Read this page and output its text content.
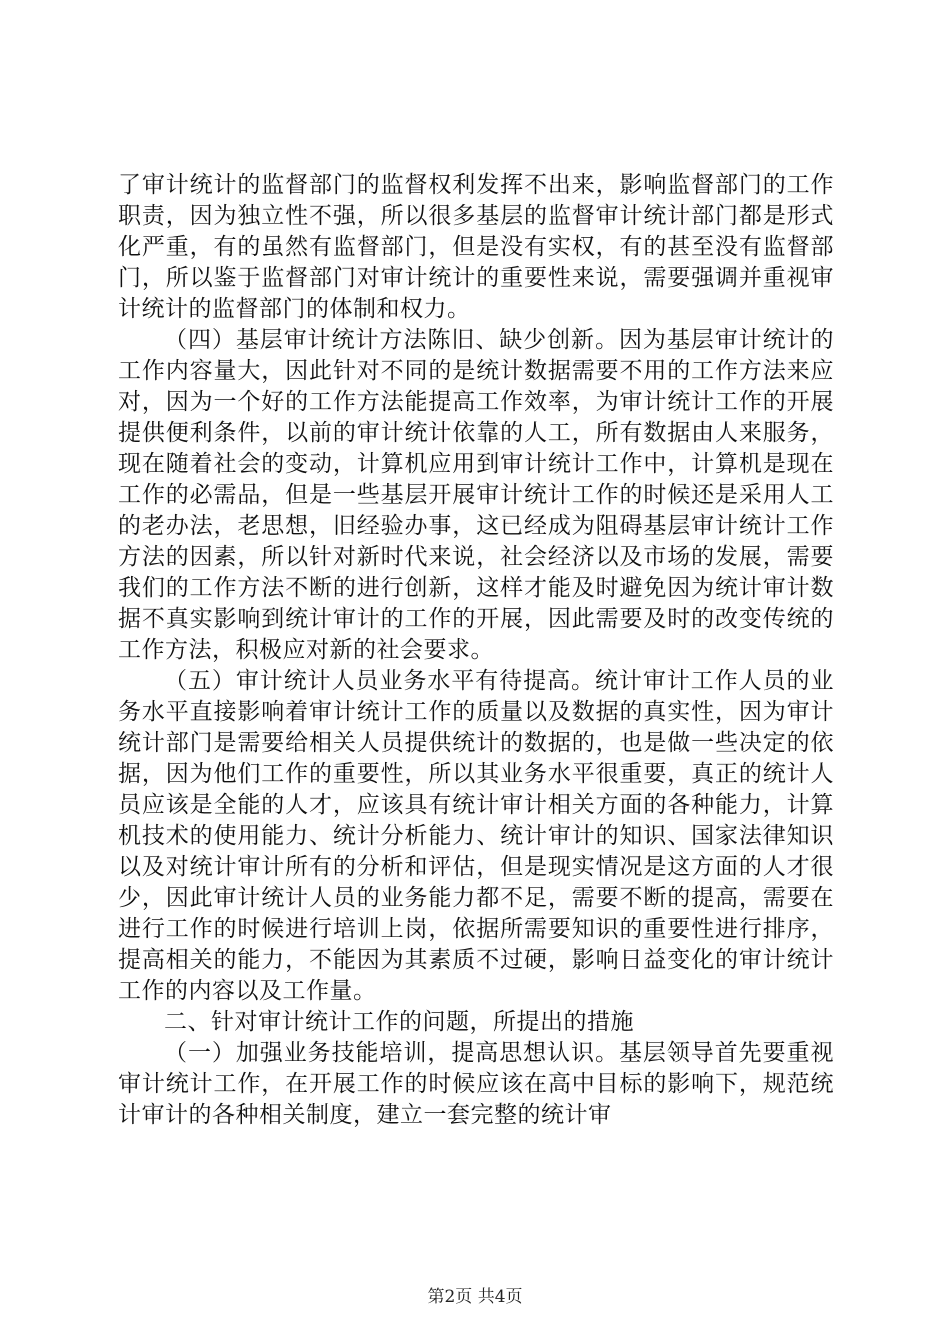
了审计统计的监督部门的监督权利发挥不出来，影响监督部门的工作职责，因为独立性不强，所以很多基层的监督审计统计部门都是形式化严重，有的虽然有监督部门，但是没有实权，有的甚至没有监督部门，所以鉴于监督部门对审计统计的重要性来说，需要强调并重视审计统计的监督部门的体制和权力。

（四）基层审计统计方法陈旧、缺少创新。因为基层审计统计的工作内容量大，因此针对不同的是统计数据需要不用的工作方法来应对，因为一个好的工作方法能提高工作效率，为审计统计工作的开展提供便利条件，以前的审计统计依靠的人工，所有数据由人来服务，现在随着社会的变动，计算机应用到审计统计工作中，计算机是现在工作的必需品，但是一些基层开展审计统计工作的时候还是采用人工的老办法，老思想，旧经验办事，这已经成为阻碍基层审计统计工作方法的因素，所以针对新时代来说，社会经济以及市场的发展，需要我们的工作方法不断的进行创新，这样才能及时避免因为统计审计数据不真实影响到统计审计的工作的开展，因此需要及时的改变传统的工作方法，积极应对新的社会要求。

（五）审计统计人员业务水平有待提高。统计审计工作人员的业务水平直接影响着审计统计工作的质量以及数据的真实性，因为审计统计部门是需要给相关人员提供统计的数据的，也是做一些决定的依据，因为他们工作的重要性，所以其业务水平很重要，真正的统计人员应该是全能的人才，应该具有统计审计相关方面的各种能力，计算机技术的使用能力、统计分析能力、统计审计的知识、国家法律知识以及对统计审计所有的分析和评估，但是现实情况是这方面的人才很少，因此审计统计人员的业务能力都不足，需要不断的提高，需要在进行工作的时候进行培训上岗，依据所需要知识的重要性进行排序，提高相关的能力，不能因为其素质不过硬，影响日益变化的审计统计工作的内容以及工作量。

二、针对审计统计工作的问题，所提出的措施

（一）加强业务技能培训，提高思想认识。基层领导首先要重视审计统计工作，在开展工作的时候应该在高中目标的影响下，规范统计审计的各种相关制度，建立一套完整的统计审

第2页 共4页
